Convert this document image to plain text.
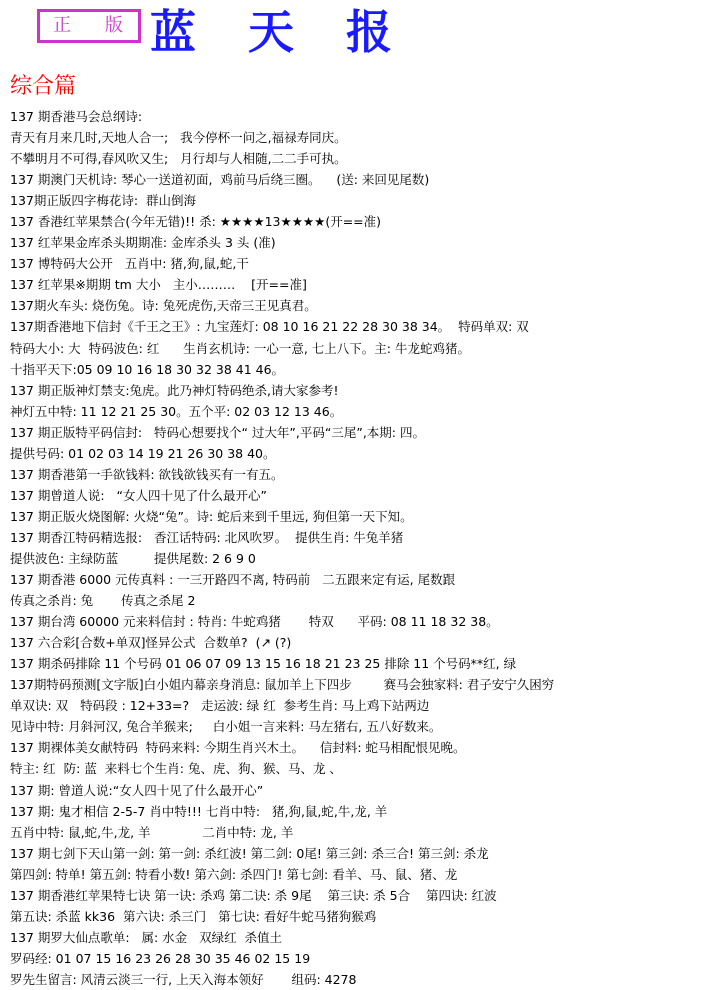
正 版 蓝天报
综合篇
137 期香港马会总纲诗:
青天有月来几时,天地人合一;   我今停杯一问之,福禄寿同庆。
不攀明月不可得,春风吹又生;   月行却与人相随,二二手可执。
137 期澳门天机诗: 琴心一送道初面,  鸡前马后绕三圈。    (送: 来回见尾数)
137期正版四字梅花诗:  群山倒海
137 香港红苹果禁合(今年无错)!! 杀: ★★★★13★★★★(开==准)
137 红苹果金库杀头期期准: 金库杀头 3 头 (准)
137 博特码大公开   五肖中: 猪,狗,鼠,蛇,干
137 红苹果※期期 tm 大小   主小………    [开==准]
137期火车头: 烧伤兔。诗: 兔死虎伤,天帝三王见真君。
137期香港地下信封《千王之王》: 九宝莲灯: 08 10 16 21 22 28 30 38 34。  特码单双: 双
特码大小: 大  特码波色: 红      生肖玄机诗: 一心一意, 七上八下。主: 牛龙蛇鸡猪。
十指平天下:05 09 10 16 18 30 32 38 41 46。
137 期正版神灯禁支:兔虎。此乃神灯特码绝杀,请大家参考!
神灯五中特: 11 12 21 25 30。五个平: 02 03 12 13 46。
137 期正版特平码信封:   特码心想要找个“ 过大年”,平码“三尾”,本期: 四。
提供号码: 01 02 03 14 19 21 26 30 38 40。
137 期香港第一手欲钱料: 欲钱欲钱买有一有五。
137 期曾道人说:   “女人四十见了什么最开心”
137 期正版火烧图解: 火烧“兔”。诗: 蛇后来到千里远, 狗但第一天下知。
137 期香江特码精选报:   香江话特码: 北风吹罗。  提供生肖: 牛兔羊猪
提供波色: 主绿防蓝         提供尾数: 2 6 9 0
137 期香港 6000 元传真料 : 一三开路四不离, 特码前   二五跟来定有运, 尾数跟
传真之杀肖: 兔       传真之杀尾 2
137 期台湾 60000 元来料信封 : 特肖: 牛蛇鸡猪       特双      平码: 08 11 18 32 38。
137 六合彩[合数+单双]怪异公式  合数单?  (↗ (?)
137 期杀码排除 11 个号码 01 06 07 09 13 15 16 18 21 23 25 排除 11 个号码**红, 绿
137期特码预测[文字版]白小姐内幕亲身消息: 鼠加羊上下四步        赛马会独家料: 君子安宁久困穷
单双诀: 双   特码段 : 12+33=?   走运波: 绿 红  参考生肖: 马上鸡下站两边
见诗中特: 月斜河汉, 兔合羊猴来;     白小姐一言来料: 马左猪右, 五八好数来。
137 期裸体美女献特码  特码来料: 今期生肖兴木土。    信封料: 蛇马相配恨见晚。
特主: 红  防: 蓝  来料七个生肖: 兔、虎、狗、猴、马、龙 、
137 期: 曾道人说:“女人四十见了什么最开心”
137 期: 鬼才相信 2-5-7 肖中特!!! 七肖中特:   猪,狗,鼠,蛇,牛,龙, 羊
五肖中特: 鼠,蛇,牛,龙, 羊             二肖中特: 龙, 羊
137 期七剑下天山第一剑: 第一剑: 杀红波! 第二剑: 0尾! 第三剑: 杀三合! 第三剑: 杀龙
第四剑: 特单! 第五剑: 特看小数! 第六剑: 杀四门! 第七剑: 看羊、马、鼠、猪、龙
137 期香港红苹果特七诀 第一诀: 杀鸡 第二诀: 杀 9尾    第三诀: 杀 5合    第四诀: 红波
第五诀: 杀蓝 kk36  第六诀: 杀三门   第七诀: 看好牛蛇马猪狗猴鸡
137 期罗大仙点歌单:   属: 水金   双绿红  杀值土
罗码经: 01 07 15 16 23 26 28 30 35 46 02 15 19
罗先生留言: 风清云淡三一行, 上天入海本领好       组码: 4278
